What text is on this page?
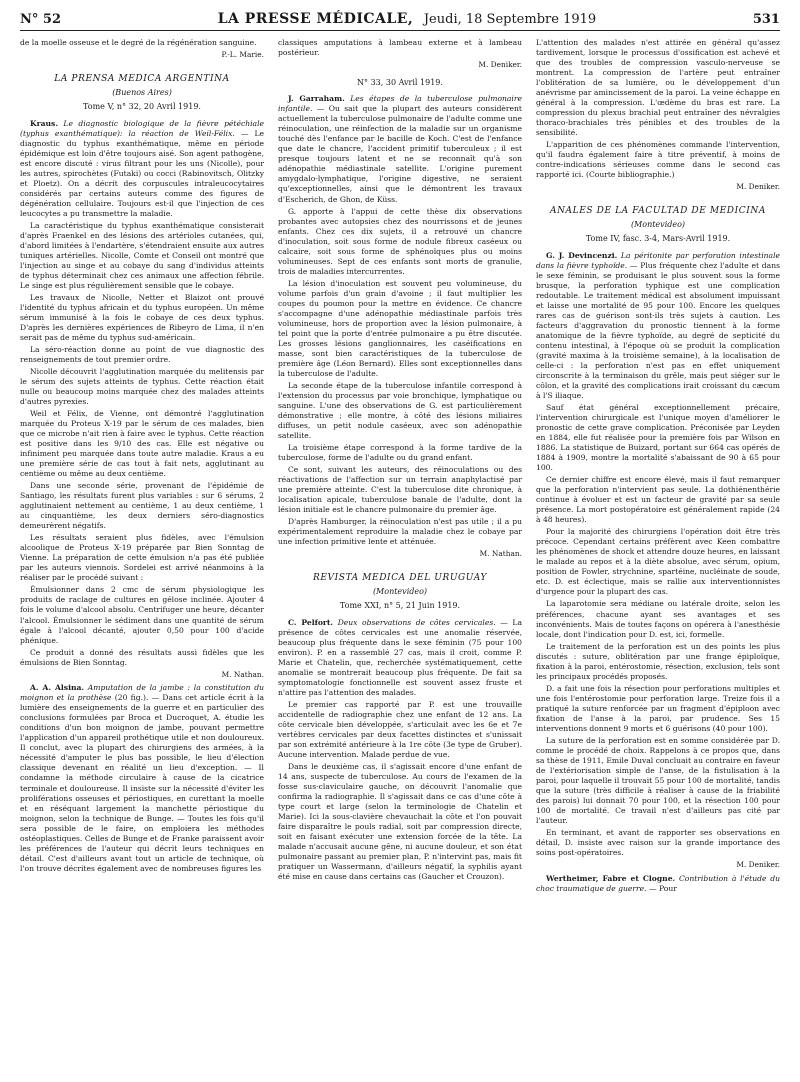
N° 52	LA PRESSE MÉDICALE, Jeudi, 18 Septembre 1919	531

de la moelle osseuse et le degré de la régénération sanguine.

P.-L. Marie.
LA PRENSA MEDICA ARGENTINA
(Buenos Aires)
Tome V, n° 32, 20 Avril 1919.

Kraus. Le diagnostic biologique de la fièvre pétéchiale (typhus exanthématique): la réaction de Weil-Félix. — Le diagnostic du typhus exanthématique, même en période épidémique est loin d'être toujours aisé. Son agent pathogène, est encore discuté : virus filtrant pour les uns (Nicolle), pour les autres, spirochètes (Futaki) ou cocci (Rabinovitsch, Olitzky et Ploetz). On a décrit des corpuscules intraleucocytaires considérés par certains auteurs comme des figures de dégénération cellulaire. Toujours est-il que l'injection de ces leucocytes a pu transmettre la maladie.

La caractéristique du typhus exanthématique consisterait d'après Fraenkel en des lésions des artérioles cutanées, qui, d'abord limitées à l'endartère, s'étendraient ensuite aux autres tuniques artérielles. Nicolle, Comte et Conseil ont montré que l'injection au singe et au cobaye du sang d'individus atteints de typhus déterminait chez ces animaux une affection fébrile. Le singe est plus régulièrement sensible que le cobaye.

Les travaux de Nicolle, Netter et Blaizot ont prouvé l'identité du typhus africain et du typhus européen. Un même sérum immunisé à la fois le cobaye de ces deux typhus. D'après les dernières expériences de Ribeyro de Lima, il n'en serait pas de même du typhus sud-américain.

La séro-réaction donne au point de vue diagnostic des renseignements de tout premier ordre.

Nicolle découvrit l'agglutination marquée du melitensis par le sérum des sujets atteints de typhus. Cette réaction était nulle ou beaucoup moins marquée chez des malades atteints d'autres pyrexies.

Weil et Félix, de Vienne, ont démontré l'agglutination marquée du Proteus X-19 par le sérum de ces malades, bien que ce microbe n'ait rien à faire avec le typhus. Cette réaction est positive dans les 9/10 des cas. Elle est négative ou infiniment peu marquée dans toute autre maladie. Kraus a eu une première série de cas tout à fait nets, agglutinant au centième ou même au deux centième.

Dans une seconde série, provenant de l'épidémie de Santiago, les résultats furent plus variables : sur 6 sérums, 2 agglutinaient nettement au centième, 1 au deux centième, 1 au cinquantième, les deux derniers séro-diagnostics demeurèrent négatifs.

Les résultats seraient plus fidèles, avec l'émulsion alcoolique de Proteus X-19 préparée par Bien Sonntag de Vienne. La préparation de cette émulsion n'a pas été publiée par les auteurs viennois. Sordelei est arrivé néanmoins à la réaliser par le procédé suivant :

Émulsionner dans 2 cmc de sérum physiologique les produits de raclage de cultures en gélose inclinée. Ajouter 4 fois le volume d'alcool absolu. Centrifuger une heure, décanter l'alcool. Émulsionner le sédiment dans une quantité de sérum égale à l'alcool décanté, ajouter 0,50 pour 100 d'acide phénique.

Ce produit a donné des résultats aussi fidèles que les émulsions de Bien Sonntag.

M. Nathan.

A. A. Alsina. Amputation de la jambe : la constitution du moignon et la prothèse (20 fig.). — Dans cet article écrit à la lumière des enseignements de la guerre et en particulier des conclusions formulées par Broca et Ducroquet, A. étudie les conditions d'un bon moignon de jambe, pouvant permettre l'application d'un appareil prothétique utile et non douloureux. Il conclut, avec la plupart des chirurgiens des armées, à la nécessité d'amputer le plus bas possible, le lieu d'élection classique devenant en réalité un lieu d'exception. — Il condamne la méthode circulaire à cause de la cicatrice terminale et douloureuse. Il insiste sur la nécessité d'éviter les proliférations osseuses et périostiques, en curettant la moelle et en réséquant largement la manchette périostique du moignon, selon la technique de Bunge. — Toutes les fois qu'il sera possible de le faire, on emploiera les méthodes ostéoplastiques. Celles de Bunge et de Franke paraissent avoir les préférences de l'auteur qui décrit leurs techniques en détail. C'est d'ailleurs avant tout un article de technique, où l'on trouve décrites également avec de nombreuses figures les

classiques amputations à lambeau externe et à lambeau postérieur.

M. Deniker.
N° 33, 30 Avril 1919.

J. Garraham. Les étapes de la tuberculose pulmonaire infantile. — Ou sait que la plupart des auteurs considèrent actuellement la tuberculose pulmonaire de l'adulte comme une réinoculation, une réinfection de la maladie sur un organisme touché dès l'enfance par le bacille de Koch. C'est de l'enfance que date le chancre, l'accident primitif tuberculeux ; il est presque toujours latent et ne se reconnaît qu'à son adénopathie médiastinale satellite. L'origine purement amygdalo-lymphatique, l'origine digestive, ne seraient qu'exceptionnelles, ainsi que le démontrent les travaux d'Escherich, de Ghon, de Küss.

G. apporte à l'appui de cette thèse dix observations probantes avec autopsies chez des nourrissons et de jeunes enfants. Chez ces dix sujets, il a retrouvé un chancre d'inoculation, soit sous forme de nodule fibreux caséeux ou calcaire, soit sous forme de sphénoïques plus ou moins volumineuses. Sept de ces enfants sont morts de granulie, trois de maladies intercurrentes.

La lésion d'inoculation est souvent peu volumineuse, du volume parfois d'un grain d'avoine ; il faut multiplier les coupes du poumon pour la mettre en évidence. Ce chancre s'accompagne d'une adénopathie médiastinale parfois très volumineuse, hors de proportion avec la lésion pulmonaire, à tel point que la porte d'entrée pulmonaire a pu être discutée. Les grosses lésions ganglionnaires, les caséifications en masse, sont bien caractéristiques de la tuberculose de première âge (Léon Bernard). Elles sont exceptionnelles dans la tuberculose de l'adulte.

La seconde étape de la tuberculose infantile correspond à l'extension du processus par voie bronchique, lymphatique ou sanguine. L'une des observations de G. est particulièrement démonstrative ; elle montre, à côté des lésions miliaires diffuses, un petit nodule caséeux, avec son adénopathie satellite.

La troisième étape correspond à la forme tardive de la tuberculose, forme de l'adulte ou du grand enfant.

Ce sont, suivant les auteurs, des réinoculations ou des réactivations de l'affection sur un terrain anaphylactisé par une première atteinte. C'est la tuberculose dite chronique, à localisation apicale, tuberculose banale de l'adulte, dont la lésion initiale est le chancre pulmonaire du premier âge.

D'après Hamburger, la réinoculation n'est pas utile ; il a pu expérimentalement reproduire la maladie chez le cobaye par une infection primitive lente et atténuée.

M. Nathan.
REVISTA MEDICA DEL URUGUAY
(Montevideo)
Tome XXI, n° 5, 21 Juin 1919.

C. Pelfort. Deux observations de côtes cervicales. — La présence de côtes cervicales est une anomalie réservée, beaucoup plus fréquente dans le sexe féminin (75 pour 100 environ). P. en a rassemblé 27 cas, mais il croit, comme P. Marie et Chatelin, que, recherchée systématiquement, cette anomalie se montrerait beaucoup plus fréquente. De fait sa symptomatologie fonctionnelle est souvent assez fruste et n'attire pas l'attention des malades.

Le premier cas rapporté par P. est une trouvaille accidentelle de radiographie chez une enfant de 12 ans. La côte cervicale bien développée, s'articulait avec les 6e et 7e vertèbres cervicales par deux facettes distinctes et s'unissait par son extrémité antérieure à la 1re côte (3e type de Gruber). Aucune intervention. Malade perdue de vue.

Dans le deuxième cas, il s'agissait encore d'une enfant de 14 ans, suspecte de tuberculose. Au cours de l'examen de la fosse sus-claviculaire gauche, on découvrit l'anomalie que confirma la radiographie. Il s'agissait dans ce cas d'une côte à type court et large (selon la terminologie de Chatelin et Marie). Ici la sous-clavière chevauchait la côte et l'on pouvait faire disparaître le pouls radial, soit par compression directe, soit en faisant exécuter une extension forcée de la tête. La malade n'accusait aucune gêne, ni aucune douleur, et son état pulmonaire passant au premier plan, P. n'intervint pas, mais fit pratiquer un Wassermann, d'ailleurs négatif, la syphilis ayant été mise en cause dans certains cas (Gaucher et Crouzon).

L'attention des malades n'est attirée en général qu'assez tardivement, lorsque le processus d'ossification est achevé et que des troubles de compression vasculo-nerveuse se montrent. La compression de l'artère peut entraîner l'oblitération de sa lumière, ou le développement d'un anévrisme par amincissement de la paroi. La veine échappe en général à la compression. L'œdème du bras est rare. La compression du plexus brachial peut entraîner des névralgies thoraco-brachiales très pénibles et des troubles de la sensibilité.

L'apparition de ces phénomènes commande l'intervention, qu'il faudra également faire à titre préventif, à moins de contre-indications sérieuses comme dans le second cas rapporté ici. (Courte bibliographie.)

M. Deniker.
ANALES DE LA FACULTAD DE MEDICINA
(Montevideo)
Tome IV, fasc. 3-4, Mars-Avril 1919.

G. J. Devincenzi. La péritonite par perforation intestinale dans la fièvre typhoïde. — Plus fréquente chez l'adulte et dans le sexe féminin, se produisant le plus souvent sous la forme brusque, la perforation typhique est une complication redoutable. Le traitement médical est absolument impuissant et laisse une mortalité de 95 pour 100. Encore les quelques rares cas de guérison sont-ils très sujets à caution. Les facteurs d'aggravation du pronostic tiennent à la forme anatomique de la fièvre typhoïde, au degré de septicité du contenu intestinal, à l'époque où se produit la complication (gravité maxima à la troisième semaine), à la localisation de celle-ci : la perforation n'est pas en effet uniquement circonscrite à la terminaison du grêle, mais peut siéger sur le côlon, et la gravité des complications irait croissant du cæcum à l'S iliaque.

Sauf état général exceptionnellement précaire, l'intervention chirurgicale est l'unique moyen d'améliorer le pronostic de cette grave complication. Préconisée par Leyden en 1884, elle fut réalisée pour la première fois par Wilson en 1886. La statistique de Buizard, portant sur 664 cas opérés de 1884 à 1909, montre la mortalité s'abaissant de 90 à 65 pour 100.

Ce dernier chiffre est encore élevé, mais il faut remarquer que la perforation n'intervient pas seule. La dothiénenthérie continue à évoluer et est un facteur de gravité par sa seule présence. La mort postopératoire est généralement rapide (24 à 48 heures).

Pour la majorité des chirurgiens l'opération doit être très précoce. Cependant certains préfèrent avec Keen combattre les phénomènes de shock et attendre douze heures, en laissant le malade au repos et à la diète absolue, avec sérum, opium, position de Fowler, strychnine, spartéine, nucléinate de soude, etc. D. est éclectique, mais se rallie aux interventionnistes d'urgence pour la plupart des cas.

La laparotomie sera médiane ou latérale droite, selon les préférences, chacune ayant ses avantages et ses inconvénients. Mais de toutes façons on opérera à l'anesthésie locale, dont l'indication pour D. est, ici, formelle.

Le traitement de la perforation est un des points les plus discutés : suture, oblitération par une frange épiploïque, fixation à la paroi, entérostomie, résection, exclusion, tels sont les principaux procédés proposés.

D. a fait une fois la résection pour perforations multiples et une fois l'entérostomie pour perforation large. Treize fois il a pratiqué la suture renforcée par un fragment d'épiploon avec fixation de l'anse à la paroi, par prudence. Ses 15 interventions donnent 9 morts et 6 guérisons (40 pour 100).

La suture de la perforation est en somme considérée par D. comme le procédé de choix. Rappelons à ce propos que, dans sa thèse de 1911, Emile Duval concluait au contraire en faveur de l'extériorisation simple de l'anse, de la fistulisation à la paroi, pour laquelle il trouvait 55 pour 100 de mortalité, tandis que la suture (très difficile à réaliser à cause de la friabilité des parois) lui donnait 70 pour 100, et la résection 100 pour 100 de mortalité. Ce travail n'est d'ailleurs pas cité par l'auteur.

En terminant, et avant de rapporter ses observations en détail, D. insiste avec raison sur la grande importance des soins post-opératoires.

M. Deniker.

Wertheimer, Fabre et Clogne. Contribution à l'étude du choc traumatique de guerre. — Pour
